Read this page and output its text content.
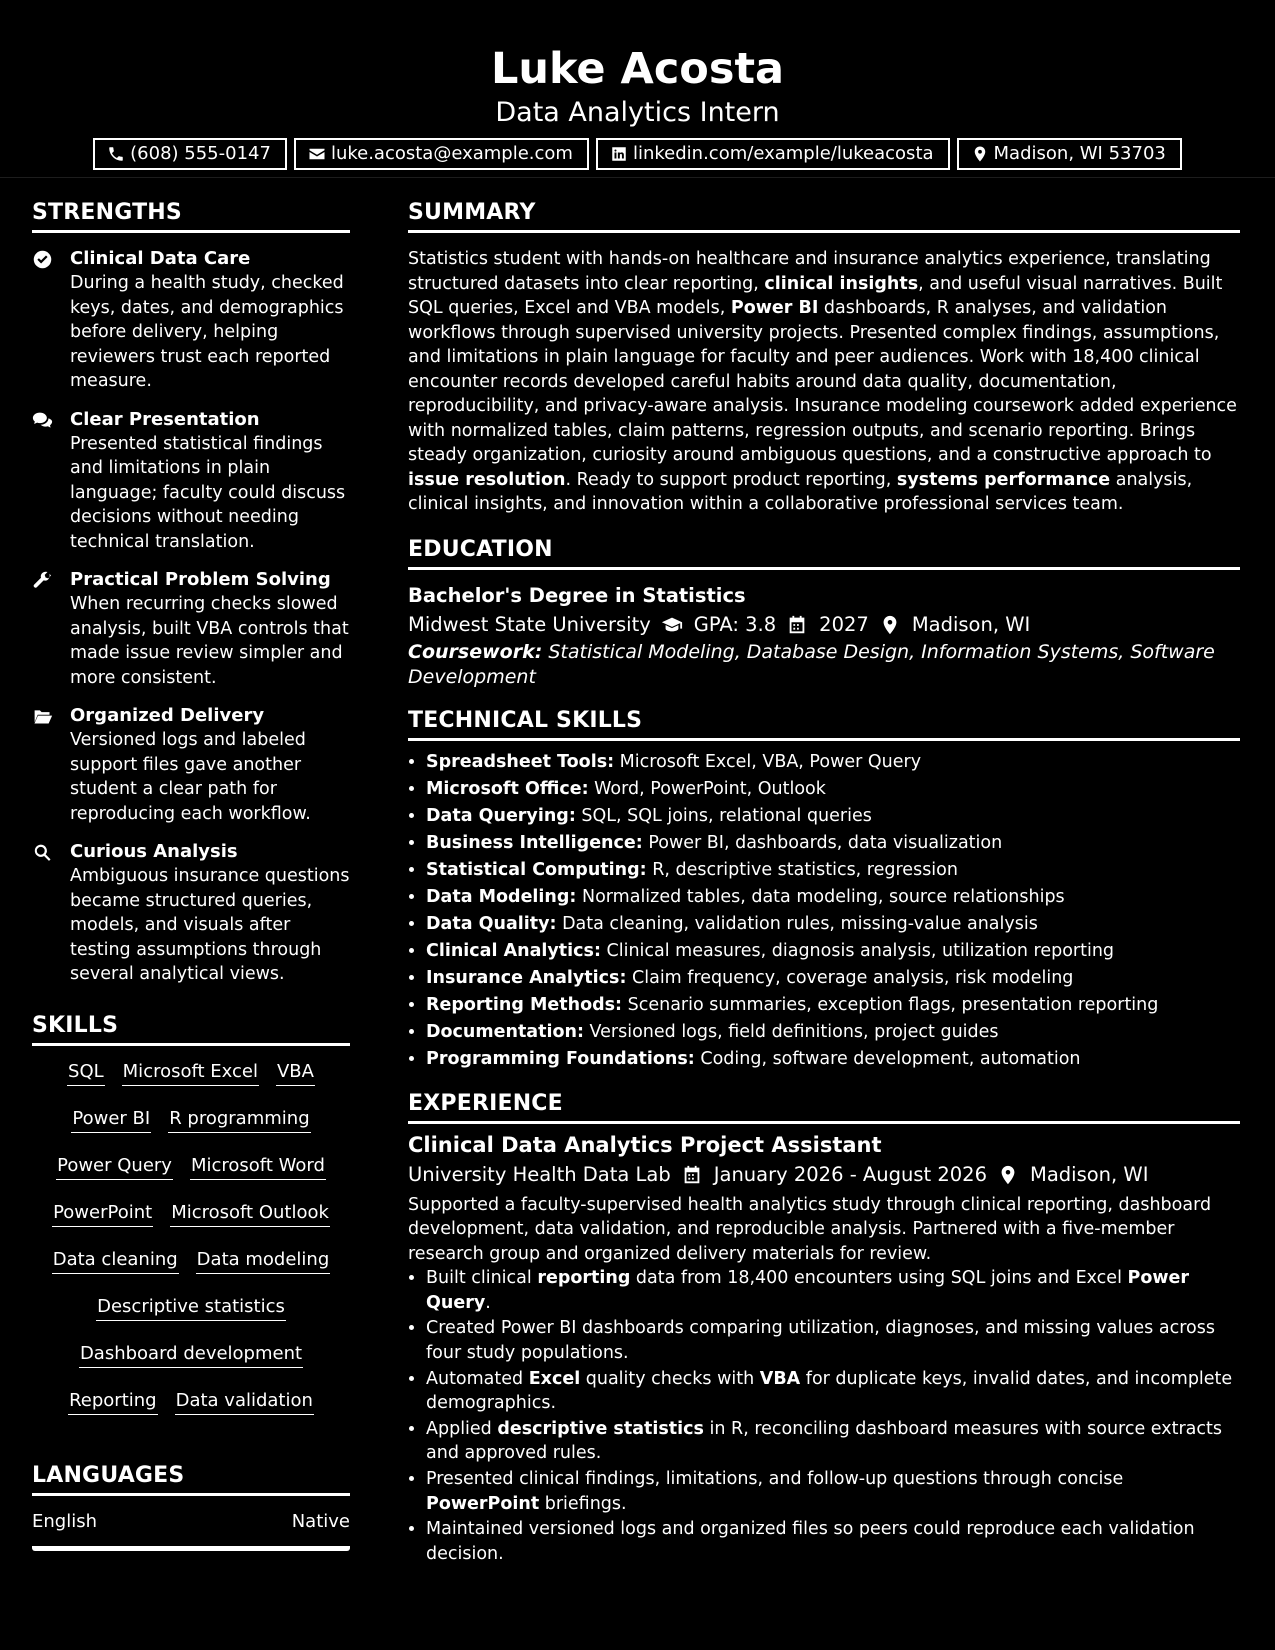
Luke Acosta
Data Analytics Intern
(608) 555-0147	luke.acosta@example.com	linkedin.com/example/lukeacosta	Madison, WI 53703
STRENGTHS
Clinical Data Care
During a health study, checked keys, dates, and demographics before delivery, helping reviewers trust each reported measure.
Clear Presentation
Presented statistical findings and limitations in plain language; faculty could discuss decisions without needing technical translation.
Practical Problem Solving
When recurring checks slowed analysis, built VBA controls that made issue review simpler and more consistent.
Organized Delivery
Versioned logs and labeled support files gave another student a clear path for reproducing each workflow.
Curious Analysis
Ambiguous insurance questions became structured queries, models, and visuals after testing assumptions through several analytical views.
SKILLS
SQL Microsoft Excel VBA
Power BI R programming
Power Query Microsoft Word
PowerPoint Microsoft Outlook
Data cleaning Data modeling
Descriptive statistics
Dashboard development
Reporting Data validation
LANGUAGES
English	Native
SUMMARY

Statistics student with hands-on healthcare and insurance analytics experience, translating structured datasets into clear reporting, clinical insights, and useful visual narratives. Built SQL queries, Excel and VBA models, Power BI dashboards, R analyses, and validation workflows through supervised university projects. Presented complex findings, assumptions, and limitations in plain language for faculty and peer audiences. Work with 18,400 clinical encounter records developed careful habits around data quality, documentation, reproducibility, and privacy-aware analysis. Insurance modeling coursework added experience with normalized tables, claim patterns, regression outputs, and scenario reporting. Brings steady organization, curiosity around ambiguous questions, and a constructive approach to issue resolution. Ready to support product reporting, systems performance analysis, clinical insights, and innovation within a collaborative professional services team.

EDUCATION
Bachelor's Degree in Statistics
Midwest State University GPA: 3.8 2027 Madison, WI
Coursework: Statistical Modeling, Database Design, Information Systems, Software Development
TECHNICAL SKILLS
• Spreadsheet Tools: Microsoft Excel, VBA, Power Query
• Microsoft Office: Word, PowerPoint, Outlook
• Data Querying: SQL, SQL joins, relational queries
• Business Intelligence: Power BI, dashboards, data visualization
• Statistical Computing: R, descriptive statistics, regression
• Data Modeling: Normalized tables, data modeling, source relationships
• Data Quality: Data cleaning, validation rules, missing-value analysis
• Clinical Analytics: Clinical measures, diagnosis analysis, utilization reporting
• Insurance Analytics: Claim frequency, coverage analysis, risk modeling
• Reporting Methods: Scenario summaries, exception flags, presentation reporting
• Documentation: Versioned logs, field definitions, project guides
• Programming Foundations: Coding, software development, automation
EXPERIENCE
Clinical Data Analytics Project Assistant
University Health Data Lab January 2026 - August 2026 Madison, WI

Supported a faculty-supervised health analytics study through clinical reporting, dashboard development, data validation, and reproducible analysis. Partnered with a five-member research group and organized delivery materials for review.

• Built clinical reporting data from 18,400 encounters using SQL joins and Excel Power Query.
• Created Power BI dashboards comparing utilization, diagnoses, and missing values across four study populations.
• Automated Excel quality checks with VBA for duplicate keys, invalid dates, and incomplete demographics.
• Applied descriptive statistics in R, reconciling dashboard measures with source extracts and approved rules.
• Presented clinical findings, limitations, and follow-up questions through concise PowerPoint briefings.
• Maintained versioned logs and organized files so peers could reproduce each validation decision.
